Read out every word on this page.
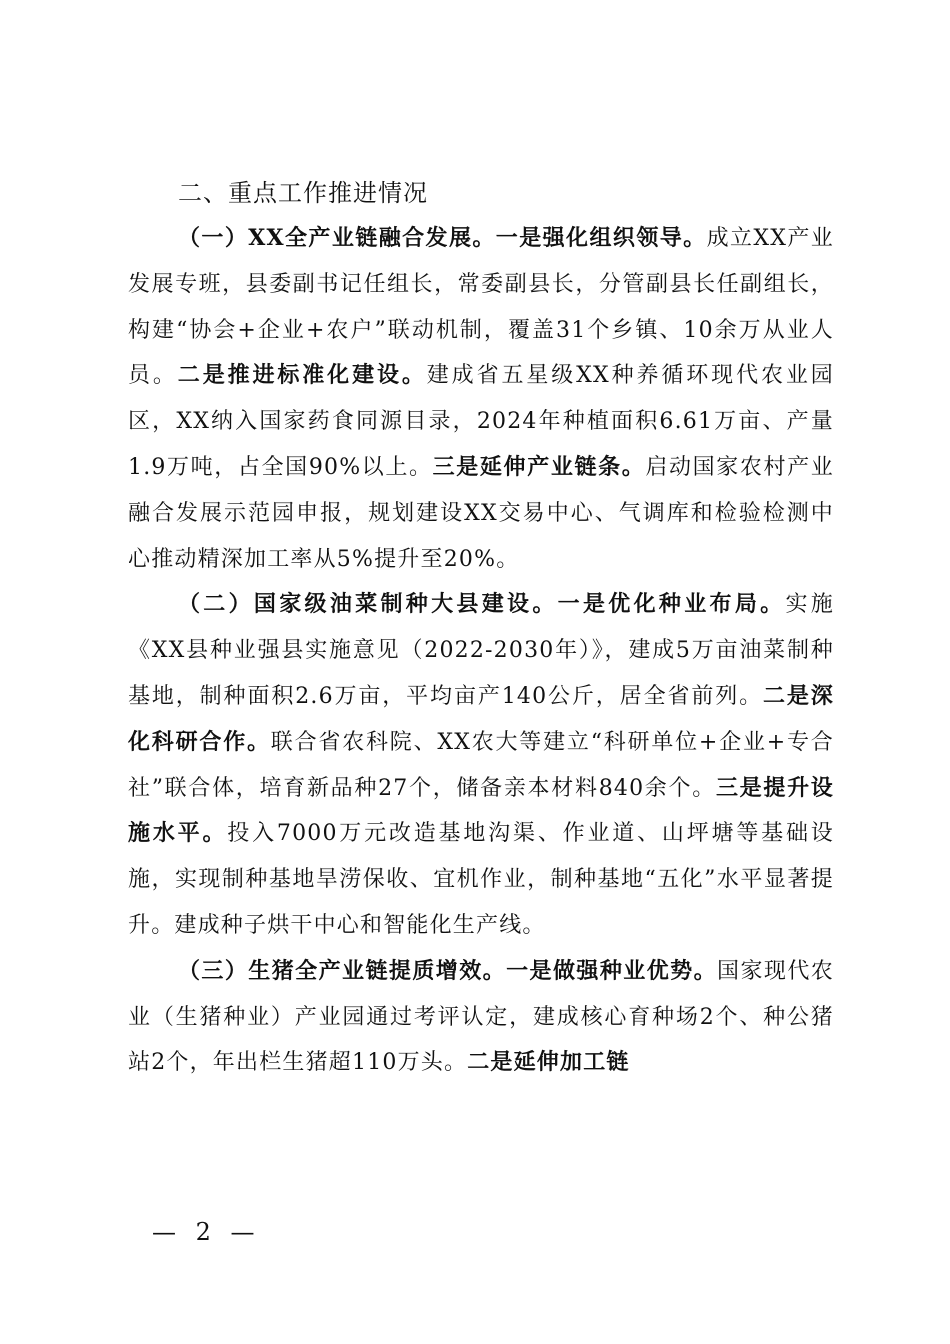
二、重点工作推进情况

（一）XX全产业链融合发展。一是强化组织领导。成立XX产业发展专班，县委副书记任组长，常委副县长，分管副县长任副组长，构建“协会+企业+农户”联动机制，覆盖31个乡镇、10余万从业人员。二是推进标准化建设。建成省五星级XX种养循环现代农业园区，XX纳入国家药食同源目录，2024年种植面积6.61万亩、产量1.9万吨，占全国90%以上。三是延伸产业链条。启动国家农村产业融合发展示范园申报，规划建设XX交易中心、气调库和检验检测中心推动精深加工率从5%提升至20%。

（二）国家级油菜制种大县建设。一是优化种业布局。实施《XX县种业强县实施意见（2022-2030年）》，建成5万亩油菜制种基地，制种面积2.6万亩，平均亩产140公斤，居全省前列。二是深化科研合作。联合省农科院、XX农大等建立“科研单位+企业+专合社”联合体，培育新品种27个，储备亲本材料840余个。三是提升设施水平。投入7000万元改造基地沟渠、作业道、山坪塘等基础设施，实现制种基地旱涝保收、宜机作业，制种基地“五化”水平显著提升。建成种子烘干中心和智能化生产线。

（三）生猪全产业链提质增效。一是做强种业优势。国家现代农业（生猪种业）产业园通过考评认定，建成核心育种场2个、种公猪站2个，年出栏生猪超110万头。二是延伸加工链

— 2 —
